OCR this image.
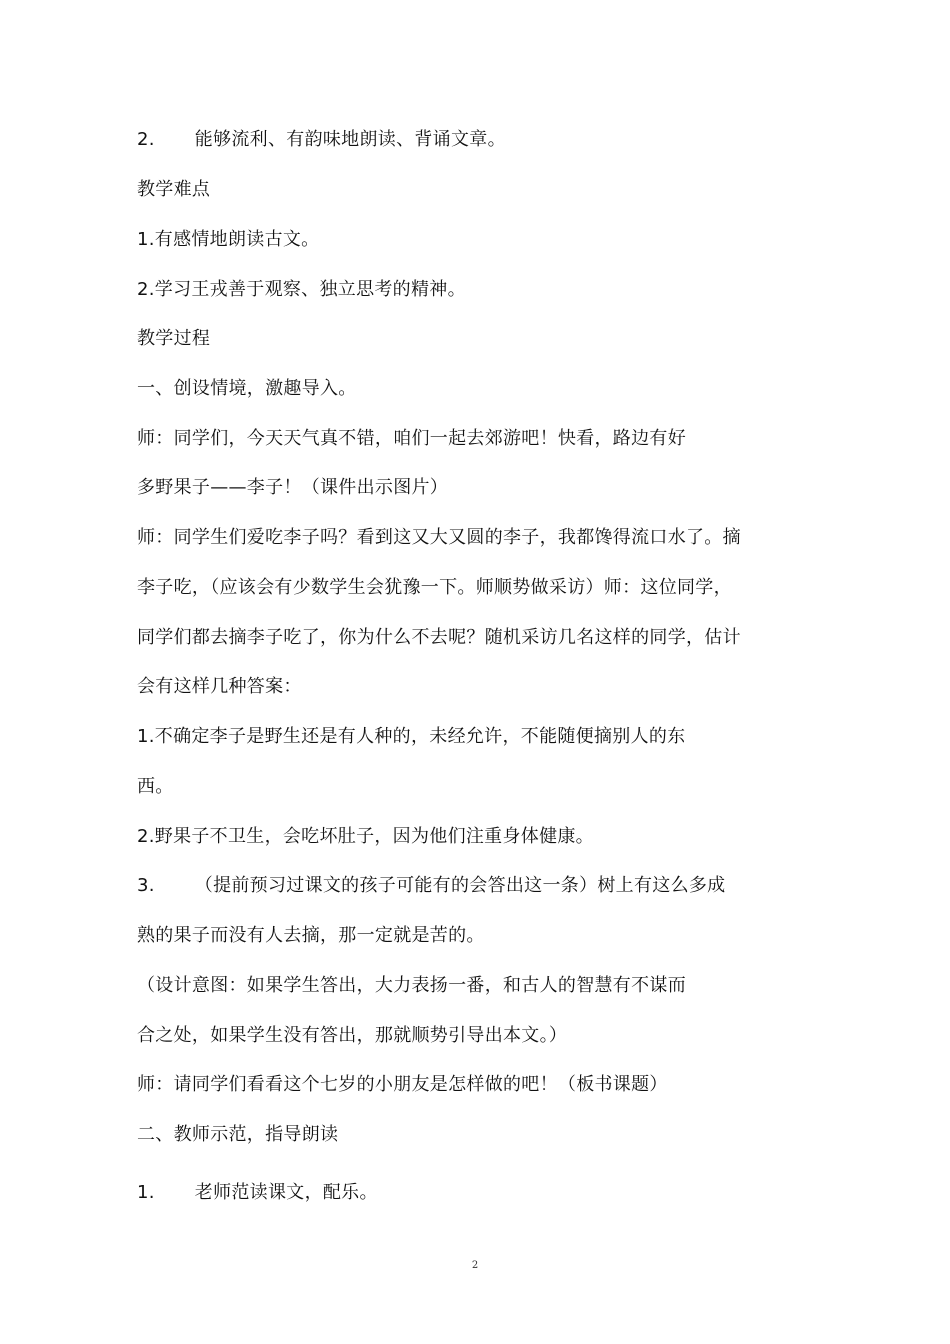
2. 能够流利、有韵味地朗读、背诵文章。
教学难点
1.有感情地朗读古文。
2.学习王戎善于观察、独立思考的精神。
教学过程
一、创设情境，激趣导入。
师：同学们，今天天气真不错，咱们一起去郊游吧！快看，路边有好
多野果子——李子！（课件出示图片）
师：同学生们爱吃李子吗？看到这又大又圆的李子，我都馋得流口水了。摘
李子吃，（应该会有少数学生会犹豫一下。师顺势做采访）师：这位同学，
同学们都去摘李子吃了，你为什么不去呢？随机采访几名这样的同学，估计
会有这样几种答案：
1.不确定李子是野生还是有人种的，未经允许，不能随便摘别人的东
西。
2.野果子不卫生，会吃坏肚子，因为他们注重身体健康。
3. （提前预习过课文的孩子可能有的会答出这一条）树上有这么多成
熟的果子而没有人去摘，那一定就是苦的。
（设计意图：如果学生答出，大力表扬一番，和古人的智慧有不谋而
合之处，如果学生没有答出，那就顺势引导出本文。）
师：请同学们看看这个七岁的小朋友是怎样做的吧！（板书课题）
二、教师示范，指导朗读
1. 老师范读课文，配乐。
2
